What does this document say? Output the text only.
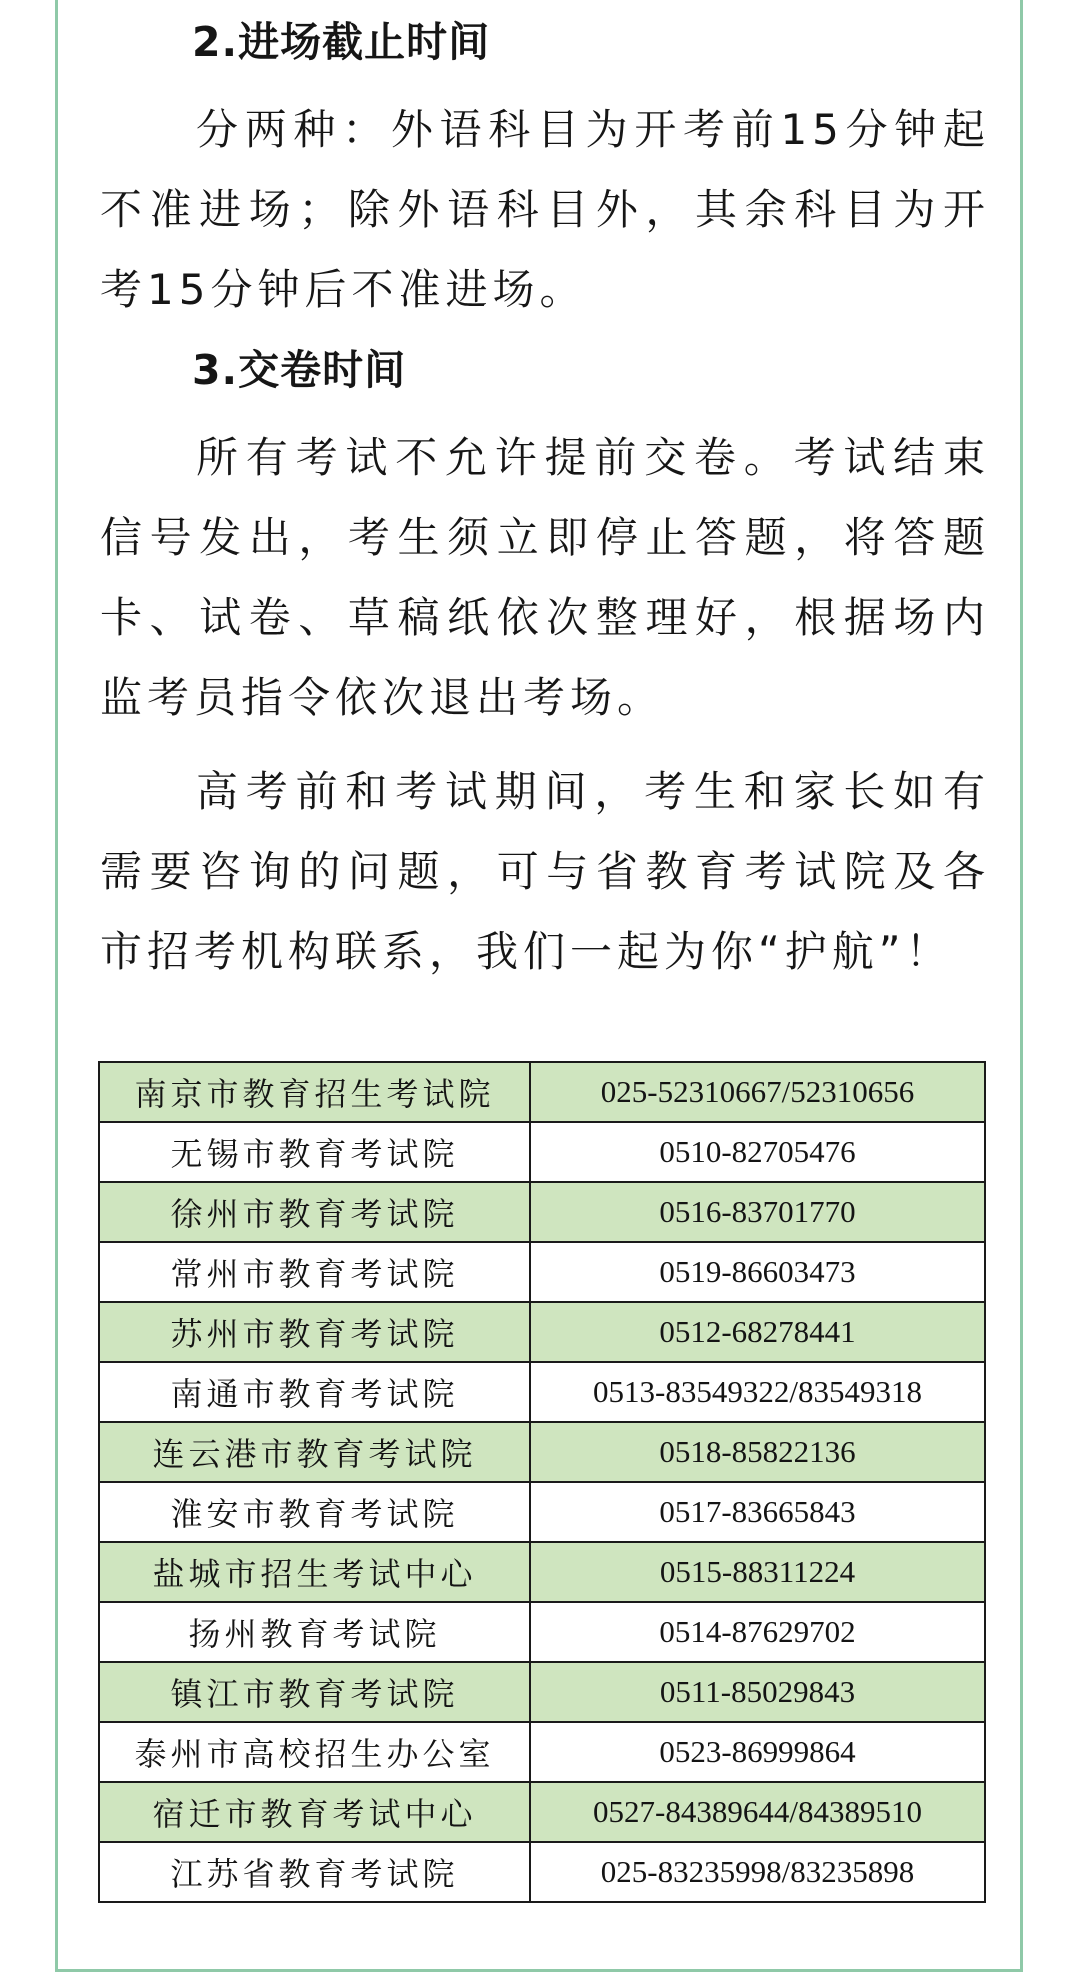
2.进场截止时间

分两种：外语科目为开考前15分钟起不准进场；除外语科目外，其余科目为开考15分钟后不准进场。

3.交卷时间

所有考试不允许提前交卷。考试结束信号发出，考生须立即停止答题，将答题卡、试卷、草稿纸依次整理好，根据场内监考员指令依次退出考场。

高考前和考试期间，考生和家长如有需要咨询的问题，可与省教育考试院及各市招考机构联系，我们一起为你“护航”！

南京市教育招生考试院	025-52310667/52310656
无锡市教育考试院	0510-82705476
徐州市教育考试院	0516-83701770
常州市教育考试院	0519-86603473
苏州市教育考试院	0512-68278441
南通市教育考试院	0513-83549322/83549318
连云港市教育考试院	0518-85822136
淮安市教育考试院	0517-83665843
盐城市招生考试中心	0515-88311224
扬州教育考试院	0514-87629702
镇江市教育考试院	0511-85029843
泰州市高校招生办公室	0523-86999864
宿迁市教育考试中心	0527-84389644/84389510
江苏省教育考试院	025-83235998/83235898
